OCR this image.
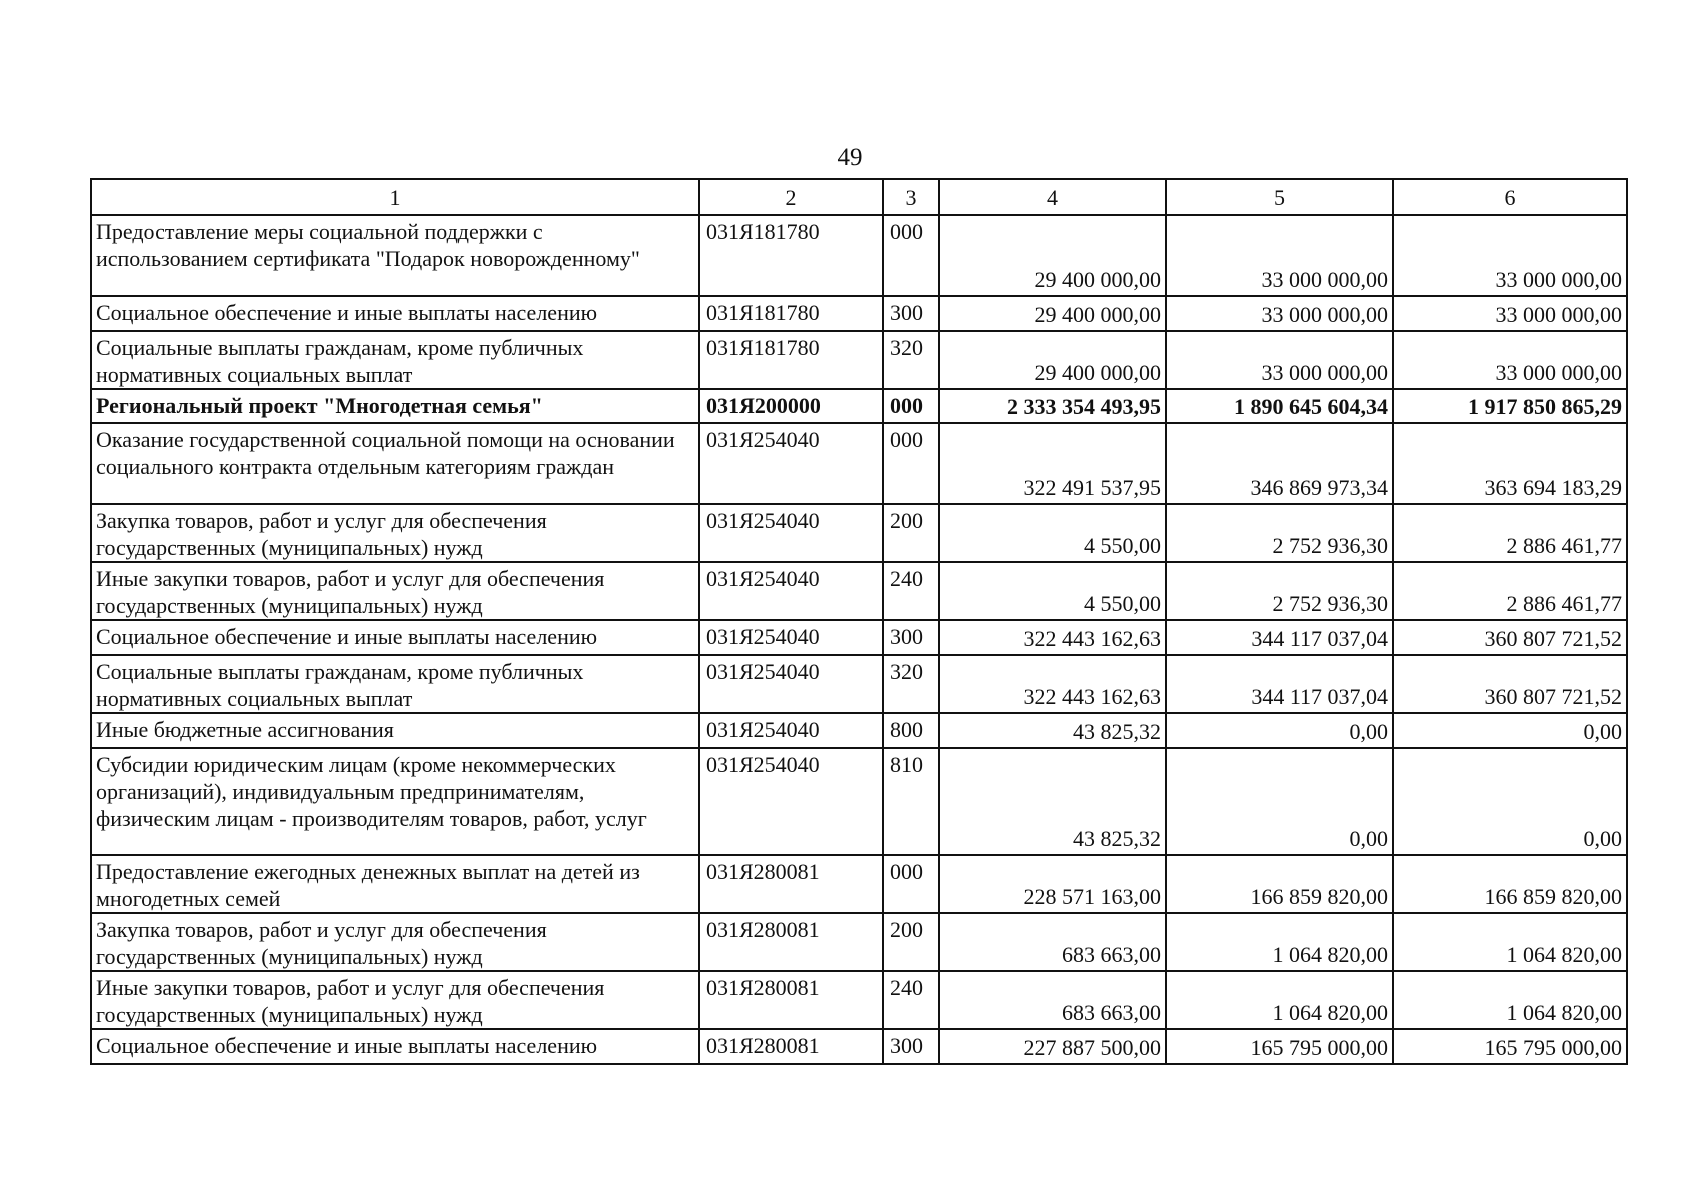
49
1	2	3	4	5	6
Предоставление меры социальной поддержки с использованием сертификата "Подарок новорожденному"	031Я181780	000	29 400 000,00	33 000 000,00	33 000 000,00
Социальное обеспечение и иные выплаты населению	031Я181780	300	29 400 000,00	33 000 000,00	33 000 000,00
Социальные выплаты гражданам, кроме публичных нормативных социальных выплат	031Я181780	320	29 400 000,00	33 000 000,00	33 000 000,00
Региональный проект "Многодетная семья"	031Я200000	000	2 333 354 493,95	1 890 645 604,34	1 917 850 865,29
Оказание государственной социальной помощи на основании социального контракта отдельным категориям граждан	031Я254040	000	322 491 537,95	346 869 973,34	363 694 183,29
Закупка товаров, работ и услуг для обеспечения государственных (муниципальных) нужд	031Я254040	200	4 550,00	2 752 936,30	2 886 461,77
Иные закупки товаров, работ и услуг для обеспечения государственных (муниципальных) нужд	031Я254040	240	4 550,00	2 752 936,30	2 886 461,77
Социальное обеспечение и иные выплаты населению	031Я254040	300	322 443 162,63	344 117 037,04	360 807 721,52
Социальные выплаты гражданам, кроме публичных нормативных социальных выплат	031Я254040	320	322 443 162,63	344 117 037,04	360 807 721,52
Иные бюджетные ассигнования	031Я254040	800	43 825,32	0,00	0,00
Субсидии юридическим лицам (кроме некоммерческих организаций), индивидуальным предпринимателям, физическим лицам - производителям товаров, работ, услуг	031Я254040	810	43 825,32	0,00	0,00
Предоставление ежегодных денежных выплат на детей из многодетных семей	031Я280081	000	228 571 163,00	166 859 820,00	166 859 820,00
Закупка товаров, работ и услуг для обеспечения государственных (муниципальных) нужд	031Я280081	200	683 663,00	1 064 820,00	1 064 820,00
Иные закупки товаров, работ и услуг для обеспечения государственных (муниципальных) нужд	031Я280081	240	683 663,00	1 064 820,00	1 064 820,00
Социальное обеспечение и иные выплаты населению	031Я280081	300	227 887 500,00	165 795 000,00	165 795 000,00
